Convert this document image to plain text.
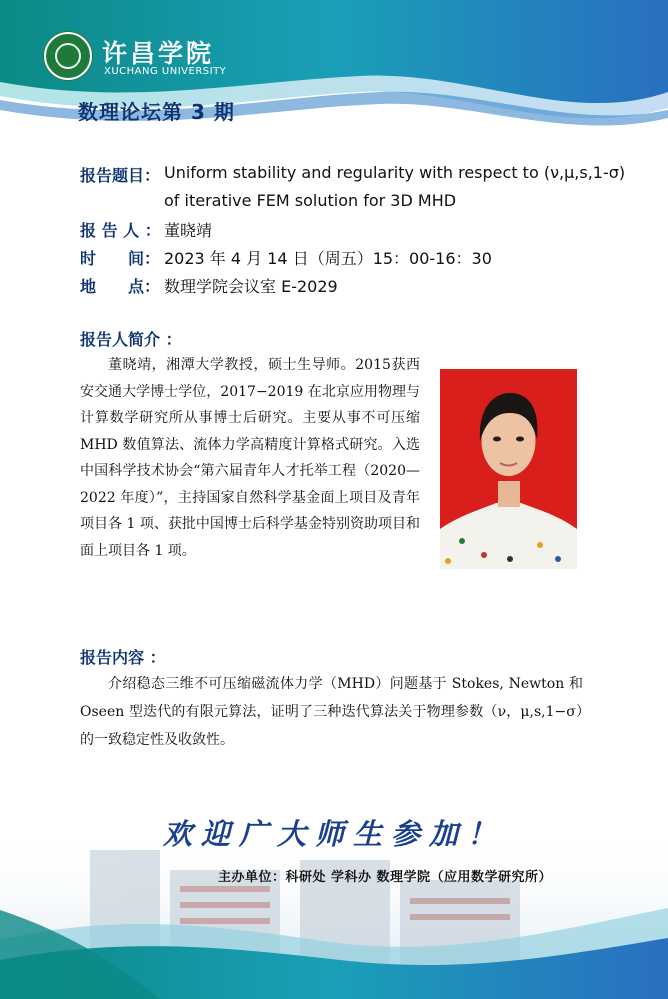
许昌学院
XUCHANG UNIVERSITY
数理论坛第 3 期
报告题目： Uniform stability and regularity with respect to (ν,μ,s,1-σ)
of iterative FEM solution for 3D MHD
报 告 人 ： 董晓靖
时　　间： 2023 年 4 月 14 日（周五）15：00-16：30
地　　点： 数理学院会议室 E-2029
报告人简介 ：
董晓靖，湘潭大学教授，硕士生导师。2015获西安交通大学博士学位，2017−2019 在北京应用物理与计算数学研究所从事博士后研究。主要从事不可压缩 MHD 数值算法、流体力学高精度计算格式研究。入选中国科学技术协会“第六届青年人才托举工程（2020—2022 年度）”，主持国家自然科学基金面上项目及青年项目各 1 项、获批中国博士后科学基金特别资助项目和面上项目各 1 项。
报告内容 ：
介绍稳态三维不可压缩磁流体力学（MHD）问题基于 Stokes, Newton 和 Oseen 型迭代的有限元算法，证明了三种迭代算法关于物理参数（ν，μ,s,1−σ）的一致稳定性及收敛性。
欢迎广大师生参加！
主办单位：科研处 学科办 数理学院（应用数学研究所）
